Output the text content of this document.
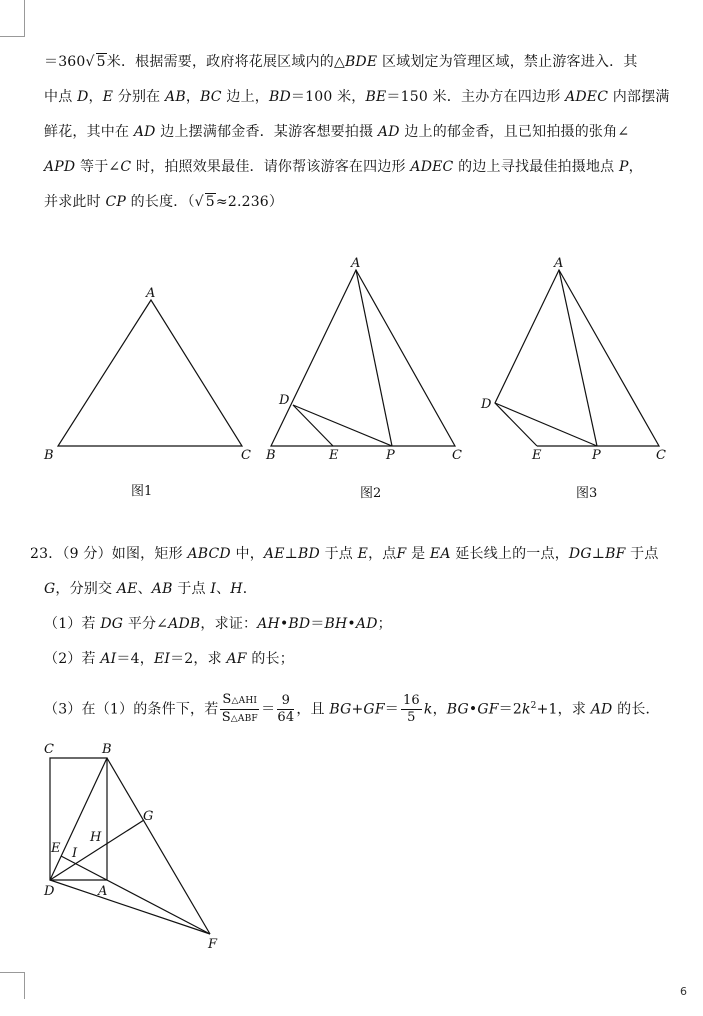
＝360√ 5米．根据需要，政府将花展区域内的△BDE 区域划定为管理区域，禁止游客进入．其
中点 D，E 分别在 AB，BC 边上，BD＝100 米，BE＝150 米．主办方在四边形 ADEC 内部摆满
鲜花，其中在 AD 边上摆满郁金香．某游客想要拍摄 AD 边上的郁金香，且已知拍摄的张角∠
APD 等于∠C 时，拍照效果最佳．请你帮该游客在四边形 ADEC 的边上寻找最佳拍摄地点 P，
并求此时 CP 的长度．（√ 5≈2.236）
A
B	C
A
D
B	E	P	C
A
D
E	P	C
图1	图2	图3
23．（9 分）如图，矩形 ABCD 中，AE⊥BD 于点 E，点F 是 EA 延长线上的一点，DG⊥BF 于点
G，分别交 AE、AB 于点 I、H．
（1）若 DG 平分∠ADB，求证：AH•BD＝BH•AD；
（2）若 AI＝4，EI＝2，求 AF 的长；
（3）在（1）的条件下，若 $\frac{\text{S△AHI}}{\text{S△ABF}} = \frac{9}{64}$ ，且 $BG+GF= \frac{16}{5}$ k，$BG•GF=2k^2+1$，求 AD 的长．
C	B
G
H
E I
D	A
F
6
